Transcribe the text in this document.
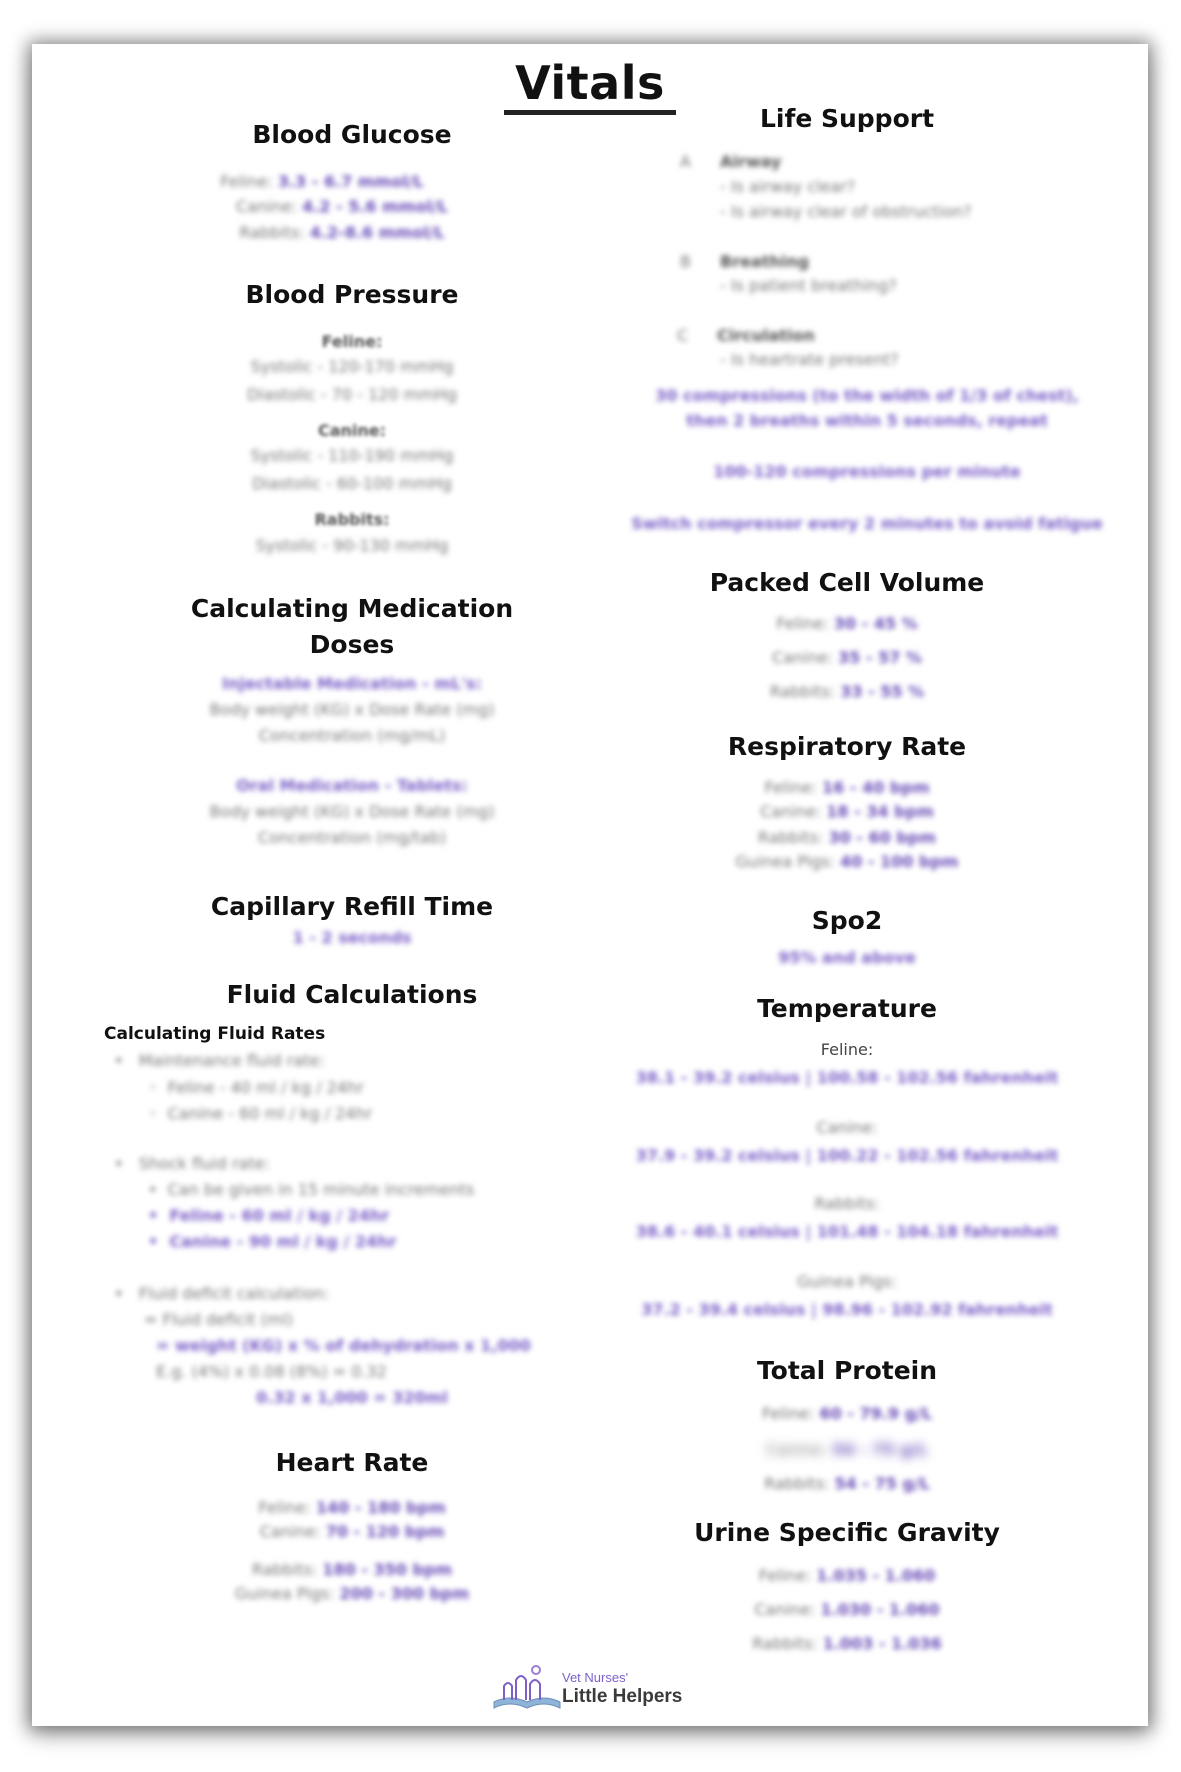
Vitals
Blood Glucose
Feline: 3.3 - 6.7 mmol/L
Canine: 4.2 - 5.6 mmol/L
Rabbits: 4.2-8.6 mmol/L
Blood Pressure
Feline:
Systolic - 120-170 mmHg
Diastolic - 70 - 120 mmHg
Canine:
Systolic - 110-190 mmHg
Diastolic - 60-100 mmHg
Rabbits:
Systolic - 90-130 mmHg
Calculating Medication
Doses
Injectable Medication - mL's:
Body weight (KG) x Dose Rate (mg)
Concentration (mg/mL)
Oral Medication - Tablets:
Body weight (KG) x Dose Rate (mg)
Concentration (mg/tab)
Capillary Refill Time
1 - 2 seconds
Fluid Calculations
Calculating Fluid Rates
•   Maintenance fluid rate:
◦  Feline - 40 ml / kg / 24hr
◦  Canine - 60 ml / kg / 24hr
•   Shock fluid rate:
•  Can be given in 15 minute increments
•  Feline - 60 ml / kg / 24hr
•  Canine - 90 ml / kg / 24hr
•   Fluid deficit calculation:
= Fluid deficit (ml)
= weight (KG) x % of dehydration x 1,000
E.g. (4%) x 0.08 (8%) = 0.32
0.32 x 1,000 = 320ml
Heart Rate
Feline: 140 - 180 bpm
Canine: 70 - 120 bpm
Rabbits: 180 - 350 bpm
Guinea Pigs: 200 - 300 bpm
Life Support
A Airway
- Is airway clear?
- Is airway clear of obstruction?
B Breathing
- Is patient breathing?
C Circulation
- Is heartrate present?
30 compressions (to the width of 1/3 of chest),
then 2 breaths within 5 seconds, repeat
100-120 compressions per minute
Switch compressor every 2 minutes to avoid fatigue
Packed Cell Volume
Feline: 30 - 45 %
Canine: 35 - 57 %
Rabbits: 33 - 55 %
Respiratory Rate
Feline: 16 - 40 bpm
Canine: 18 - 34 bpm
Rabbits: 30 - 60 bpm
Guinea Pigs: 40 - 100 bpm
Spo2
95% and above
Temperature
Feline:
38.1 - 39.2 celsius | 100.58 - 102.56 fahrenheit
Canine:
37.9 - 39.2 celsius | 100.22 - 102.56 fahrenheit
Rabbits:
38.6 - 40.1 celsius | 101.48 - 104.18 fahrenheit
Guinea Pigs:
37.2 - 39.4 celsius | 98.96 - 102.92 fahrenheit
Total Protein
Feline: 60 - 79.9 g/L
Canine: 54 - 75 g/L
Rabbits: 54 - 75 g/L
Urine Specific Gravity
Feline: 1.035 - 1.060
Canine: 1.030 - 1.060
Rabbits: 1.003 - 1.036
Vet Nurses'
Little Helpers
